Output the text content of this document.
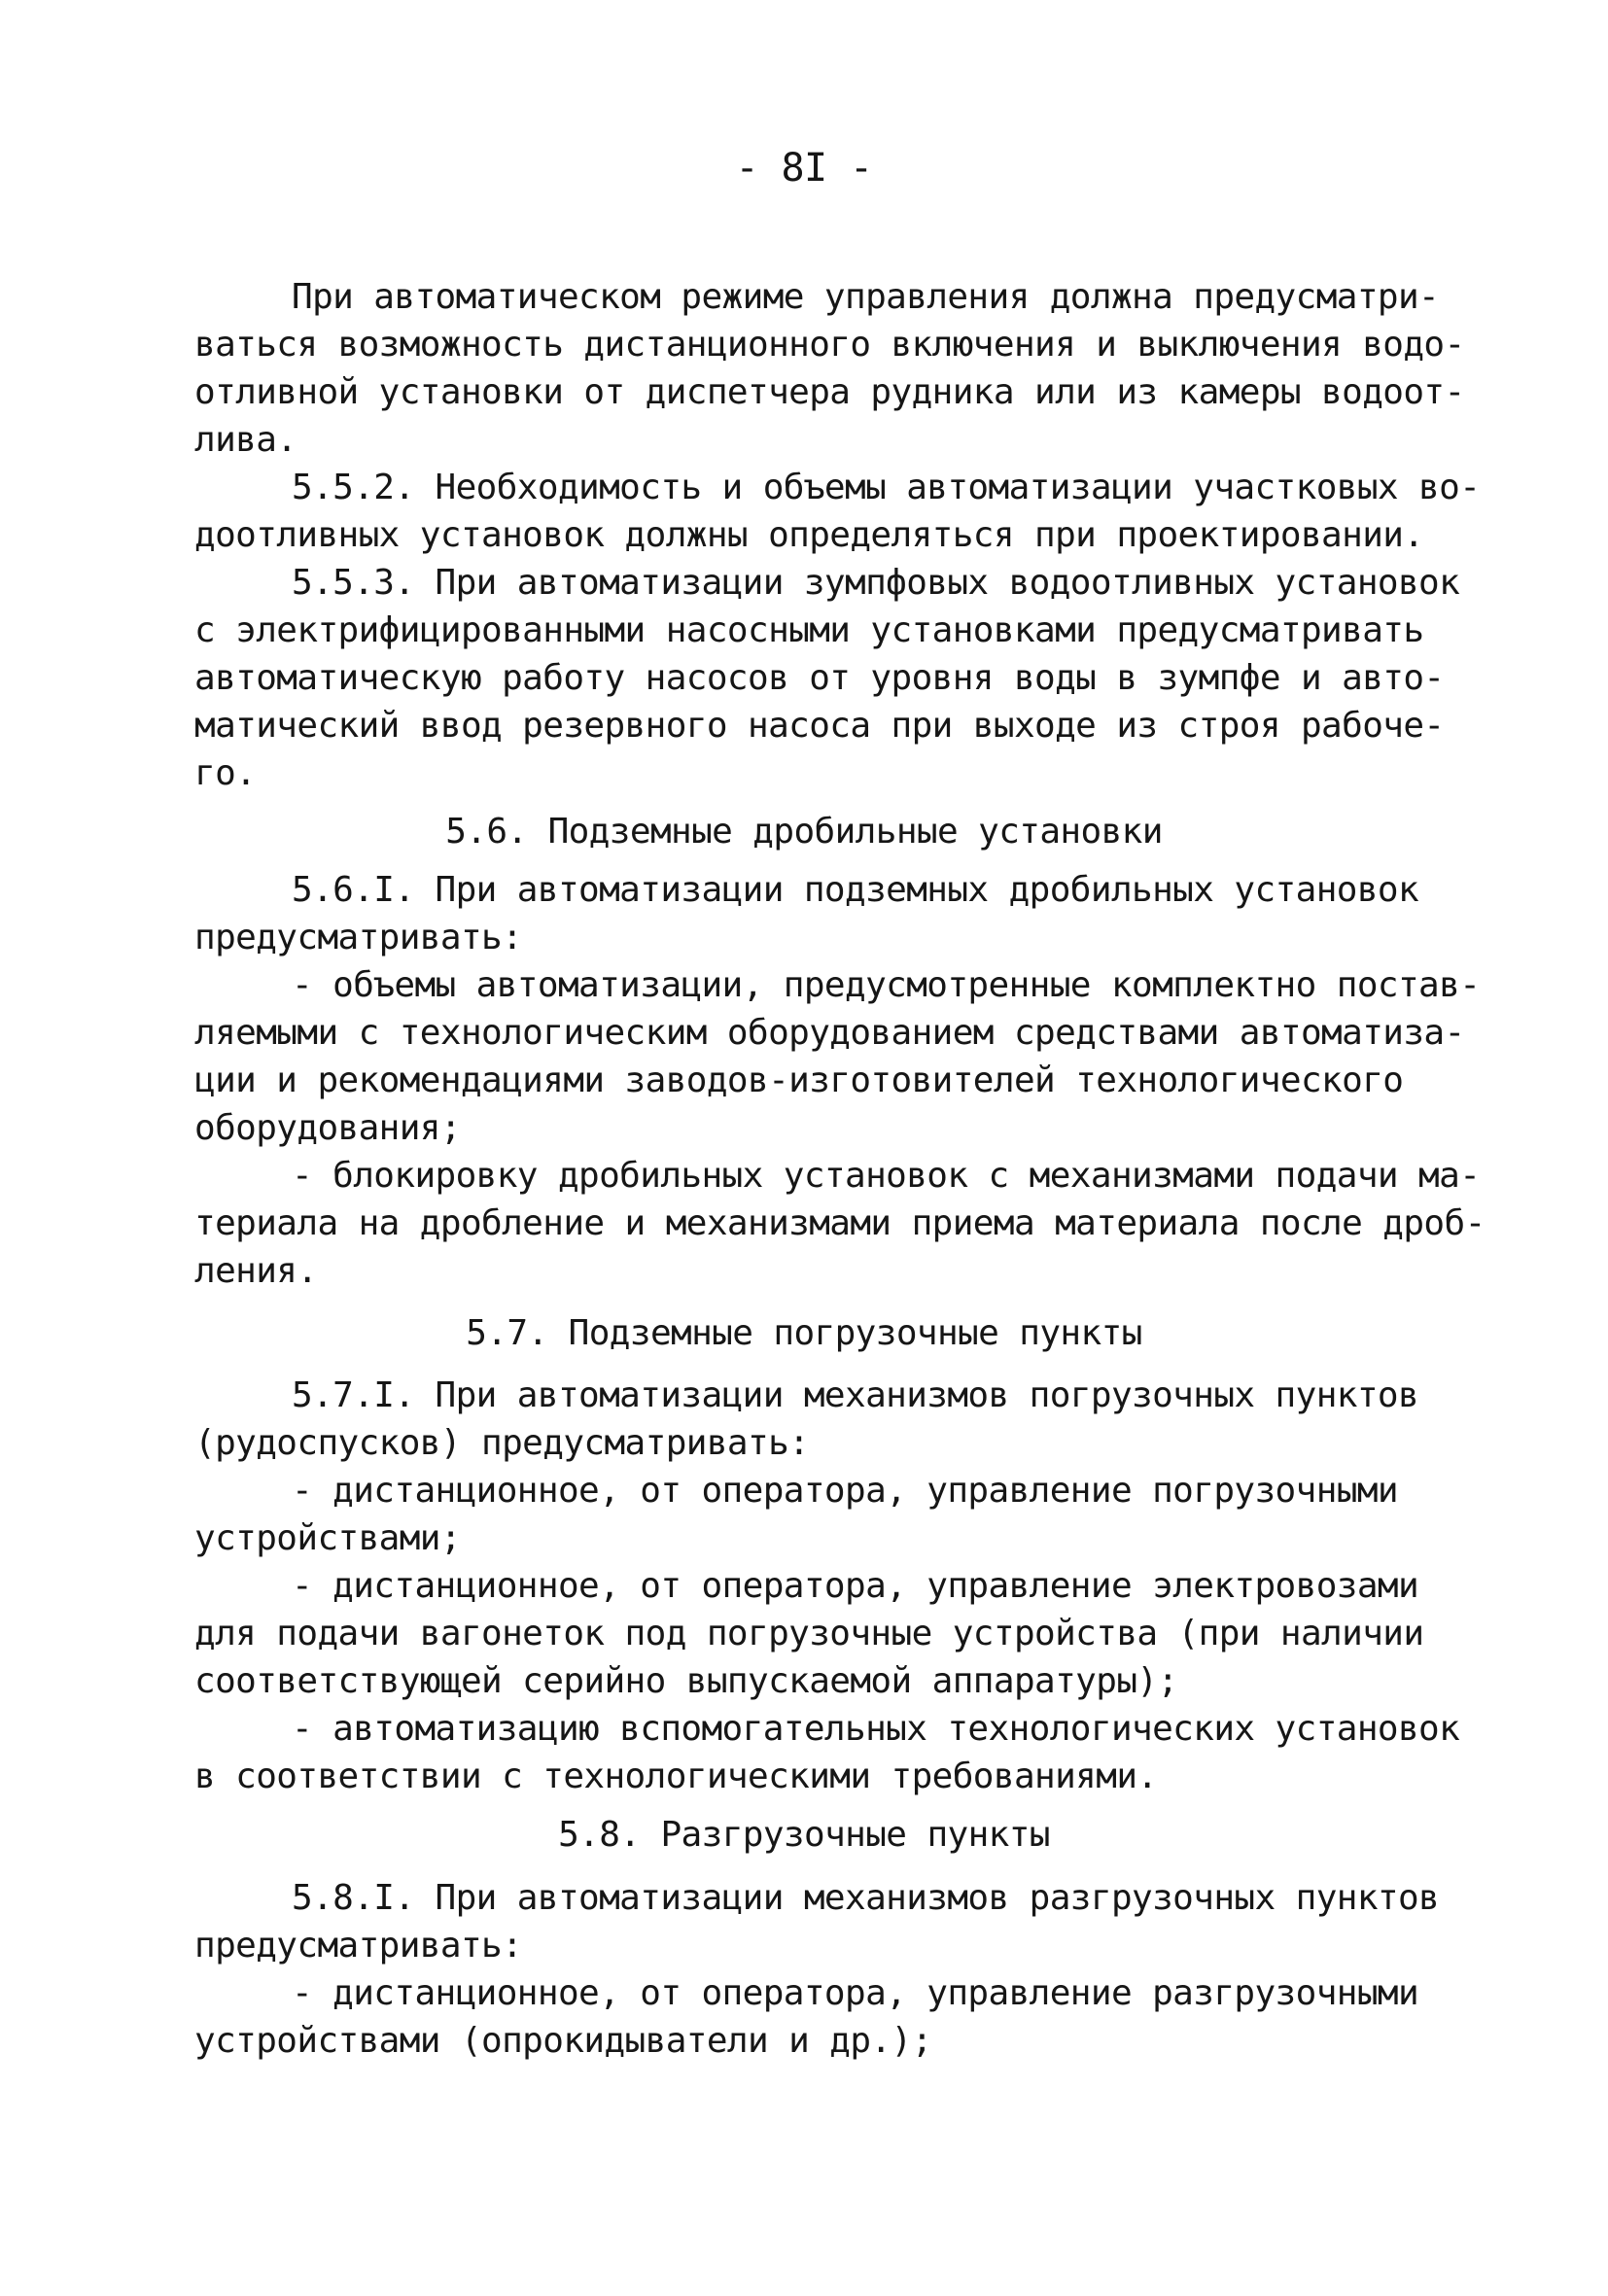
- 8I -
При автоматическом режиме управления должна предусматри-
ваться возможность дистанционного включения и выключения водо-
отливной установки от диспетчера рудника или из камеры водоот-
лива.
5.5.2. Необходимость и объемы автоматизации участковых во-
доотливных установок должны определяться при проектировании.
5.5.3. При автоматизации зумпфовых водоотливных установок
с электрифицированными насосными установками предусматривать
автоматическую работу насосов от уровня воды в зумпфе и авто-
матический ввод резервного насоса при выходе из строя рабоче-
го.
5.6. Подземные дробильные установки
5.6.I. При автоматизации подземных дробильных установок
предусматривать:
- объемы автоматизации, предусмотренные комплектно постав-
ляемыми с технологическим оборудованием средствами автоматиза-
ции и рекомендациями заводов-изготовителей технологического
оборудования;
- блокировку дробильных установок с механизмами подачи ма-
териала на дробление и механизмами приема материала после дроб-
ления.
5.7. Подземные погрузочные пункты
5.7.I. При автоматизации механизмов погрузочных пунктов
(рудоспусков) предусматривать:
- дистанционное, от оператора, управление погрузочными
устройствами;
- дистанционное, от оператора, управление электровозами
для подачи вагонеток под погрузочные устройства (при наличии
соответствующей серийно выпускаемой аппаратуры);
- автоматизацию вспомогательных технологических установок
в соответствии с технологическими требованиями.
5.8. Разгрузочные пункты
5.8.I. При автоматизации механизмов разгрузочных пунктов
предусматривать:
- дистанционное, от оператора, управление разгрузочными
устройствами (опрокидыватели и др.);
